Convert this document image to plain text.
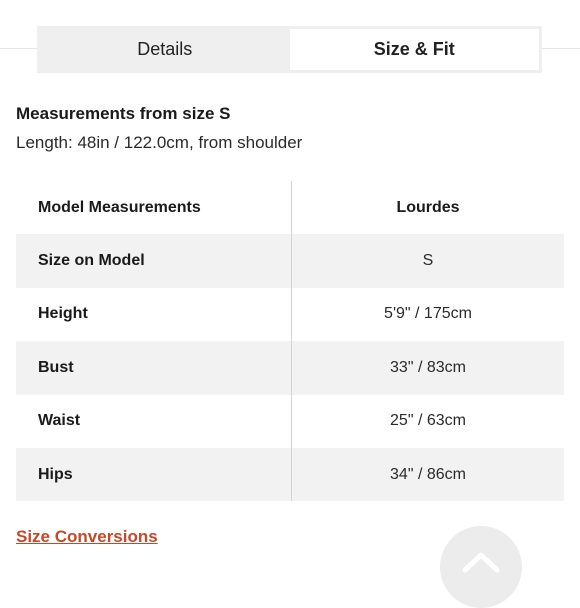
Details	Size & Fit
Measurements from size S
Length: 48in / 122.0cm, from shoulder
Model Measurements	Lourdes
Size on Model	S
Height	5'9" / 175cm
Bust	33" / 83cm
Waist	25" / 63cm
Hips	34" / 86cm
Size Conversions
